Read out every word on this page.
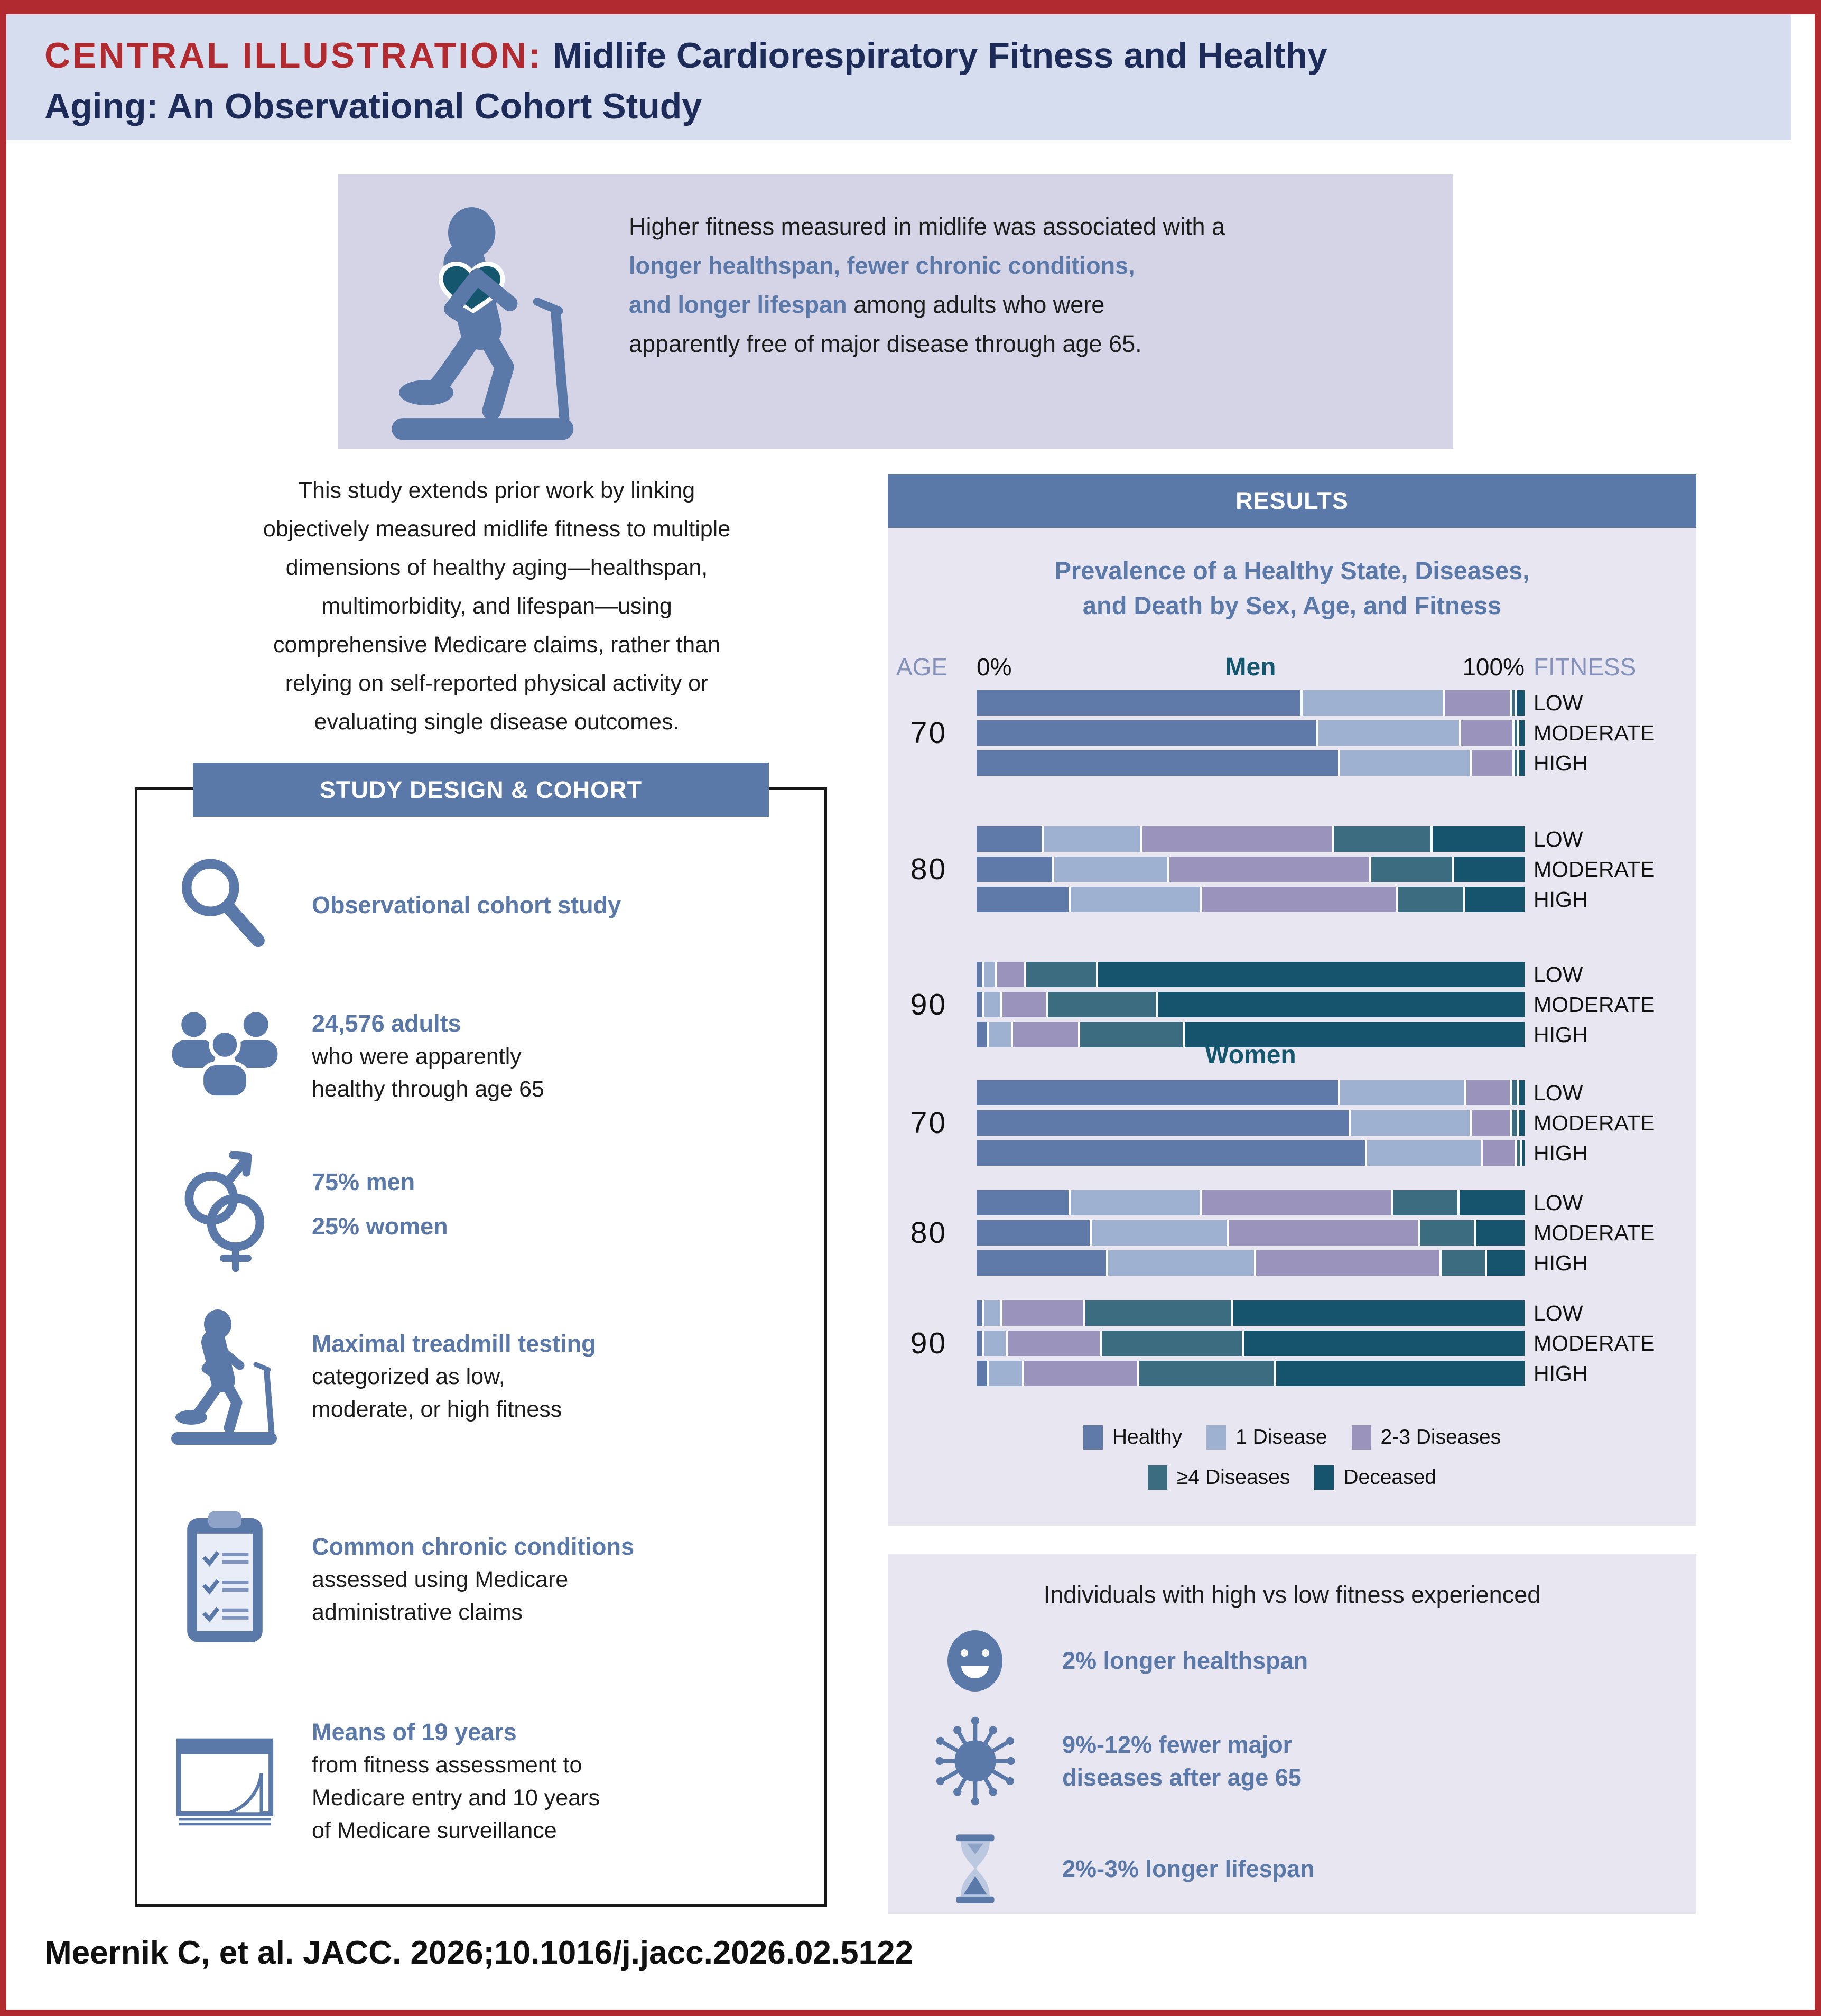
CENTRAL ILLUSTRATION: Midlife Cardiorespiratory Fitness and Healthy
Aging: An Observational Cohort Study
Higher fitness measured in midlife was associated with a
longer healthspan, fewer chronic conditions,
and longer lifespan among adults who were
apparently free of major disease through age 65.
This study extends prior work by linking
objectively measured midlife fitness to multiple
dimensions of healthy aging—healthspan,
multimorbidity, and lifespan—using
comprehensive Medicare claims, rather than
relying on self-reported physical activity or
evaluating single disease outcomes.
STUDY DESIGN & COHORT
Observational cohort study
24,576 adults
who were apparently
healthy through age 65
75% men
25% women
Maximal treadmill testing
categorized as low,
moderate, or high fitness
Common chronic conditions
assessed using Medicare
administrative claims
Means of 19 years
from fitness assessment to
Medicare entry and 10 years
of Medicare surveillance
RESULTS
Prevalence of a Healthy State, Diseases,
and Death by Sex, Age, and Fitness
AGE 0%	Men	100% FITNESS
70
LOW
MODERATE
HIGH
80
LOW
MODERATE
HIGH
90
LOW
MODERATE
HIGH
Women
70
LOW
MODERATE
HIGH
80
LOW
MODERATE
HIGH
90
LOW
MODERATE
HIGH
Healthy	1 Disease	2-3 Diseases
≥4 Diseases	Deceased
Individuals with high vs low fitness experienced
2% longer healthspan
9%-12% fewer major
diseases after age 65
2%-3% longer lifespan
Meernik C, et al. JACC. 2026;10.1016/j.jacc.2026.02.5122
